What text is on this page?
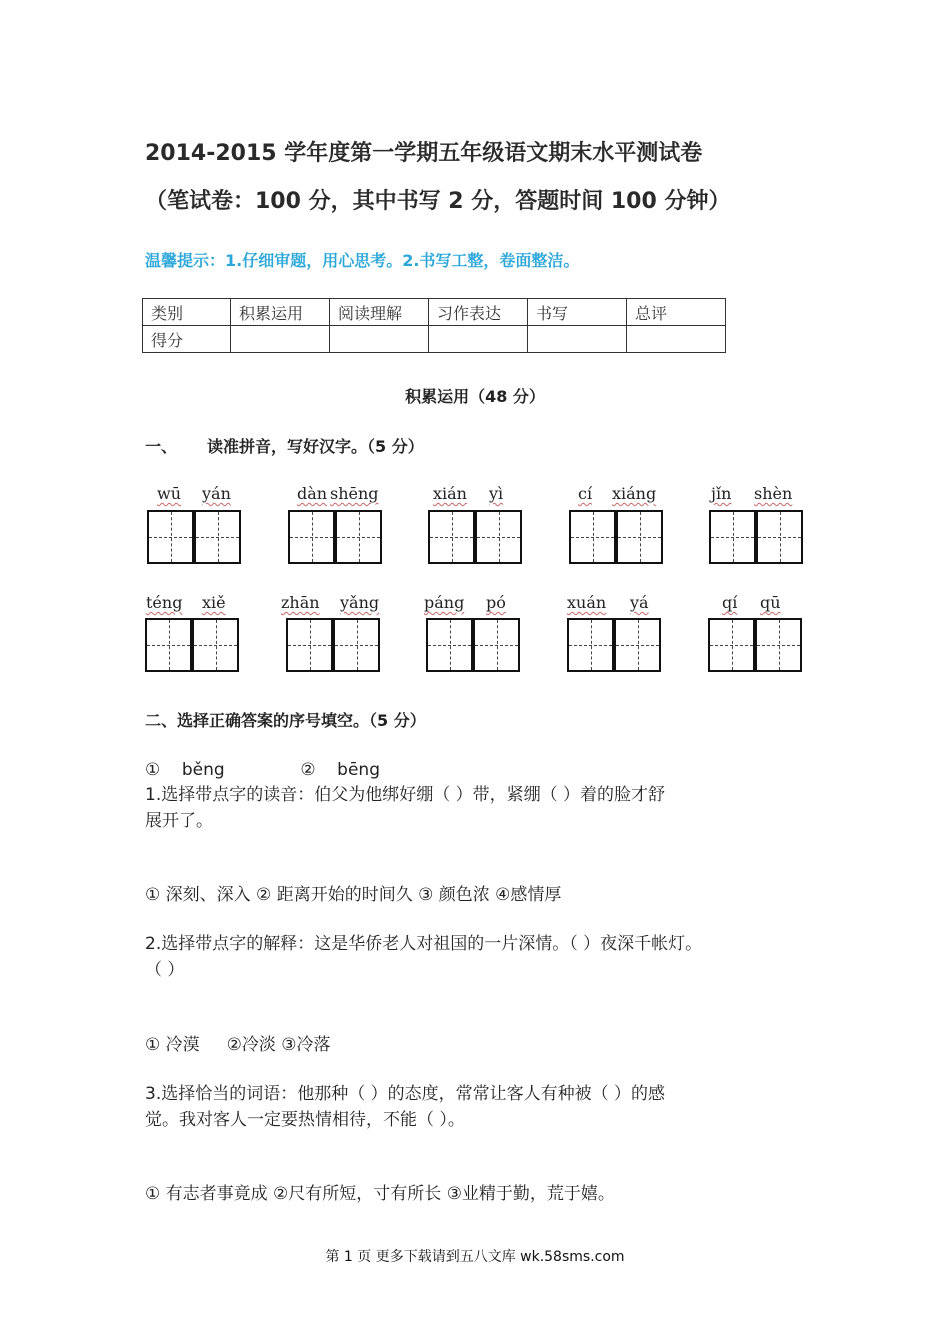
2014-2015 学年度第一学期五年级语文期末水平测试卷
（笔试卷：100 分，其中书写 2 分，答题时间 100 分钟）
温馨提示：1.仔细审题，用心思考。2.书写工整，卷面整洁。
类别	积累运用	阅读理解	习作表达	书写	总评
得分					
积累运用（48 分）
一、 读准拼音，写好汉字。（5 分）
wū yán	dàn shēng	xián yì	cí xiáng	jǐn shèn
téng xiě	zhān yǎng	páng pó	xuán yá	qí qū
二、选择正确答案的序号填空。（5 分）
①    běng              ②    bēng
1.选择带点字的读音：伯父为他绑好绷（ ）带，紧绷（ ）着的脸才舒
展开了。
① 深刻、深入 ② 距离开始的时间久 ③ 颜色浓 ④感情厚
2.选择带点字的解释：这是华侨老人对祖国的一片深情。（ ）夜深千帐灯。
（ ）
① 冷漠     ②冷淡 ③冷落
3.选择恰当的词语：他那种（ ）的态度，常常让客人有种被（ ）的感
觉。我对客人一定要热情相待，不能（ ）。
① 有志者事竟成 ②尺有所短，寸有所长 ③业精于勤，荒于嬉。
第 1 页 更多下载请到五八文库 wk.58sms.com
